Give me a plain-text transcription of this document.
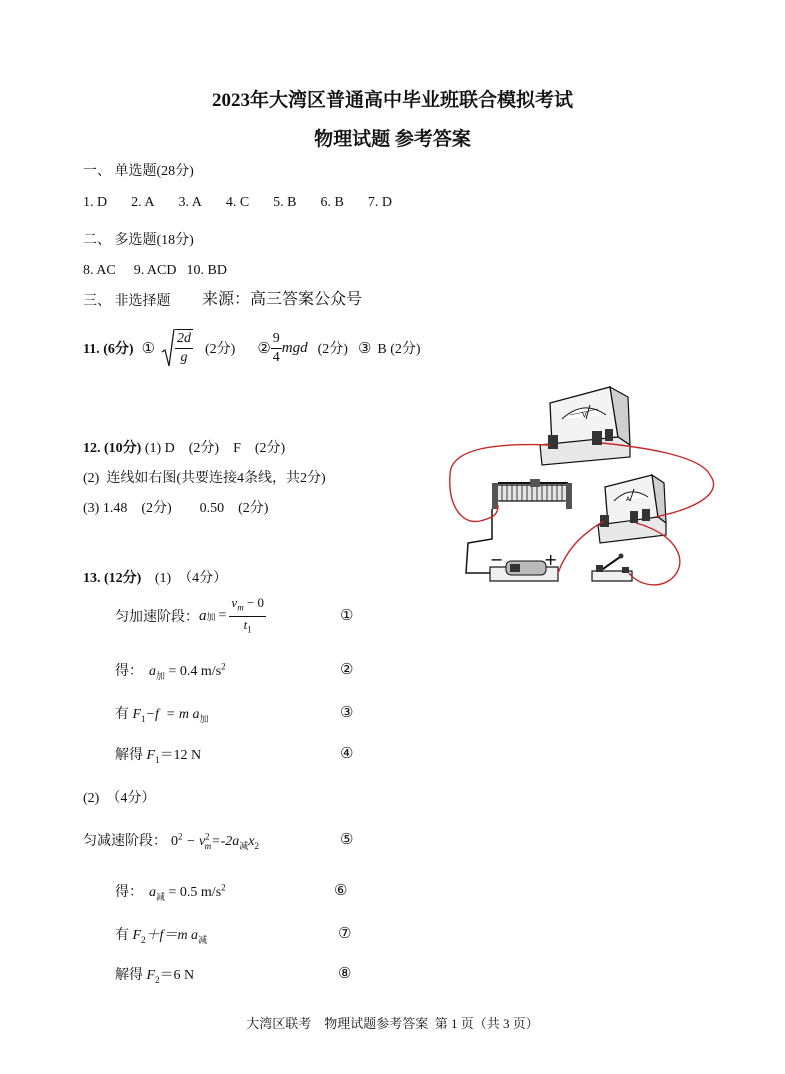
2023年大湾区普通高中毕业班联合模拟考试
物理试题 参考答案
一、 单选题(28分)
1. D 2. A 3. A 4. C 5. B 6. B 7. D
二、 多选题(18分)
8. AC 9. ACD 10. BD
三、 非选择题 来源：高三答案公众号
11. (6分) ① $\frac{2d}{g} (2$分) ② $\frac{9}{4}$ mgd (2分) ③ B (2分)
12. (10分) (1) D    (2分)    F    (2分)
(2)  连线如右图(共要连接4条线，共2分)
(3) 1.48    (2分)        0.50    (2分)
V
A
−	+
13. (12分) (1)  （4分）
匀加速阶段： a 加 = $\frac{v_m - 0}{t_1}$	①
得： $a_加 = 0.4$ $m/s^2$	②
有 $F_1-f = m$ $a_加$	③
解得 $F_1=12$ N	④
(2)  （4分）
匀减速阶段： $0^2 - v^2_m=-2a_减x_2$	⑤
得： $a_减 = 0.5$ $m/s^2$	⑥
有 $F_2+f=m$ $a_减$	⑦
解得 $F_2=6$ N	⑧
大湾区联考    物理试题参考答案  第 1 页（共 3 页）
